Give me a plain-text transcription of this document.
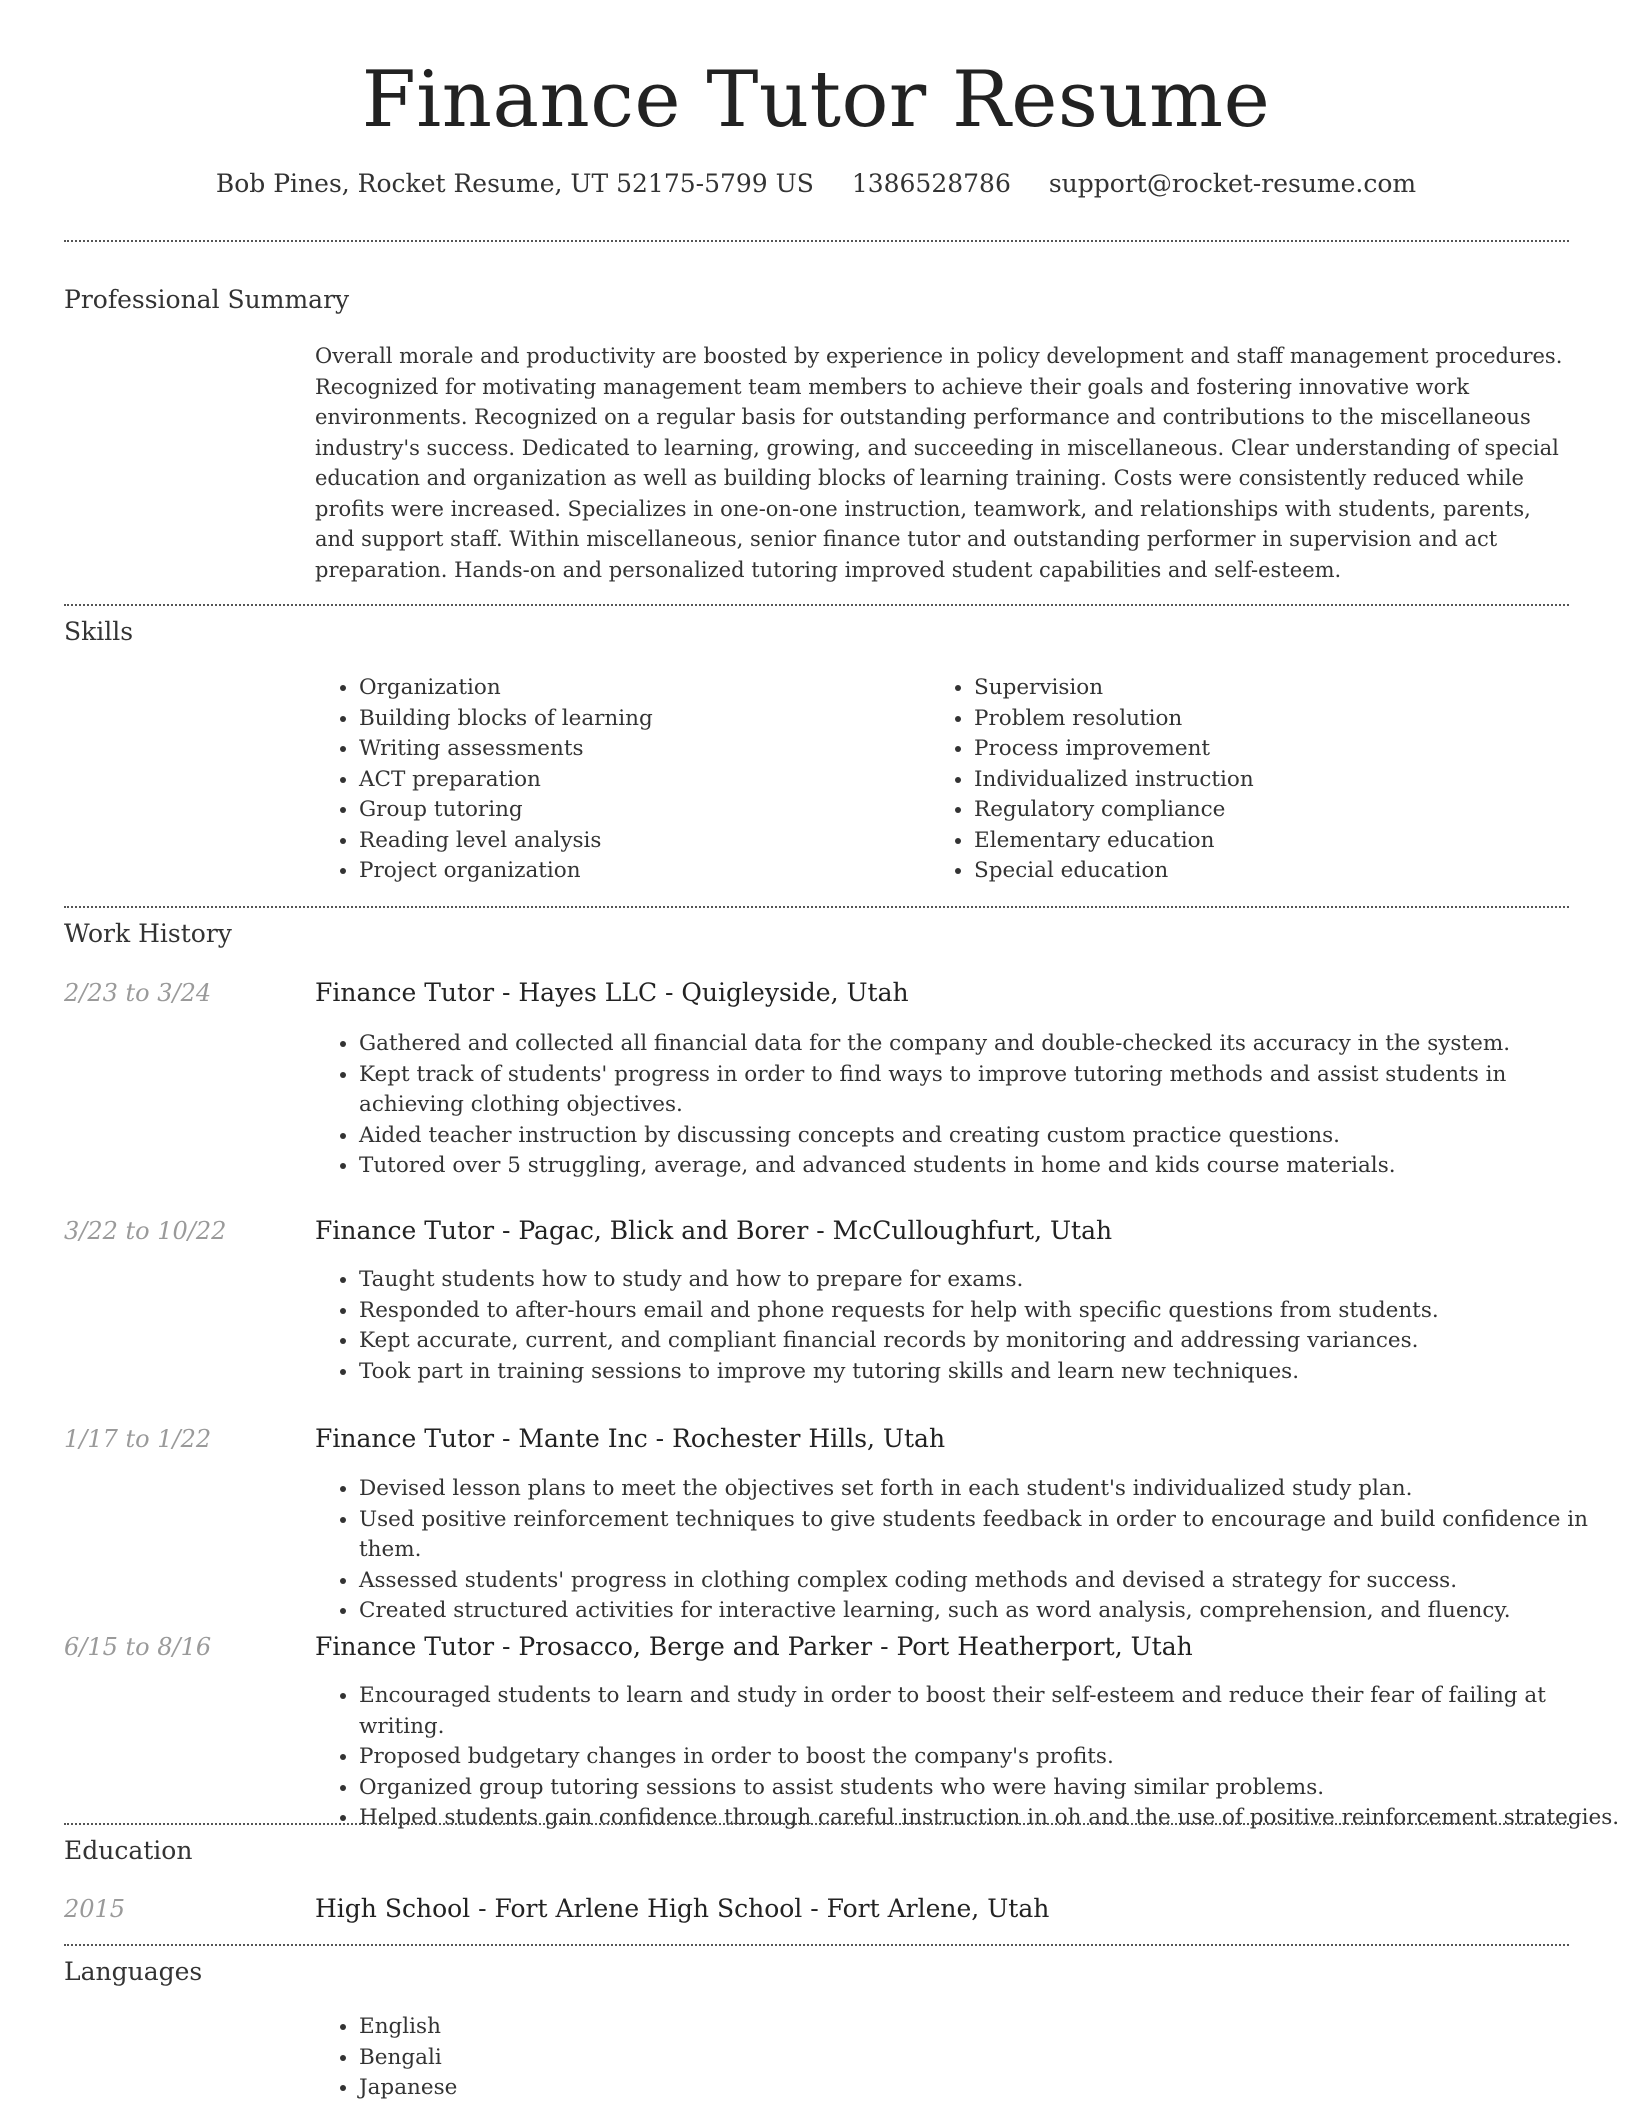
Finance Tutor Resume
Bob Pines, Rocket Resume, UT 52175-5799 US 1386528786 support@rocket-resume.com
Professional Summary

Overall morale and productivity are boosted by experience in policy development and staff management procedures. Recognized for motivating management team members to achieve their goals and fostering innovative work environments. Recognized on a regular basis for outstanding performance and contributions to the miscellaneous industry's success. Dedicated to learning, growing, and succeeding in miscellaneous. Clear understanding of special education and organization as well as building blocks of learning training. Costs were consistently reduced while profits were increased. Specializes in one-on-one instruction, teamwork, and relationships with students, parents, and support staff. Within miscellaneous, senior finance tutor and outstanding performer in supervision and act preparation. Hands-on and personalized tutoring improved student capabilities and self-esteem.

Skills
• Organization
• Building blocks of learning
• Writing assessments
• ACT preparation
• Group tutoring
• Reading level analysis
• Project organization
• Supervision
• Problem resolution
• Process improvement
• Individualized instruction
• Regulatory compliance
• Elementary education
• Special education
Work History
2/23 to 3/24	Finance Tutor - Hayes LLC - Quigleyside, Utah
• Gathered and collected all financial data for the company and double-checked its accuracy in the system.
• Kept track of students' progress in order to find ways to improve tutoring methods and assist students in achieving clothing objectives.
• Aided teacher instruction by discussing concepts and creating custom practice questions.
• Tutored over 5 struggling, average, and advanced students in home and kids course materials.
3/22 to 10/22	Finance Tutor - Pagac, Blick and Borer - McCulloughfurt, Utah
• Taught students how to study and how to prepare for exams.
• Responded to after-hours email and phone requests for help with specific questions from students.
• Kept accurate, current, and compliant financial records by monitoring and addressing variances.
• Took part in training sessions to improve my tutoring skills and learn new techniques.
1/17 to 1/22	Finance Tutor - Mante Inc - Rochester Hills, Utah
• Devised lesson plans to meet the objectives set forth in each student's individualized study plan.
• Used positive reinforcement techniques to give students feedback in order to encourage and build confidence in them.
• Assessed students' progress in clothing complex coding methods and devised a strategy for success.
• Created structured activities for interactive learning, such as word analysis, comprehension, and fluency.
6/15 to 8/16	Finance Tutor - Prosacco, Berge and Parker - Port Heatherport, Utah
• Encouraged students to learn and study in order to boost their self-esteem and reduce their fear of failing at writing.
• Proposed budgetary changes in order to boost the company's profits.
• Organized group tutoring sessions to assist students who were having similar problems.
• Helped students gain confidence through careful instruction in oh and the use of positive reinforcement strategies.
Education
2015	High School - Fort Arlene High School - Fort Arlene, Utah
Languages
• English
• Bengali
• Japanese
